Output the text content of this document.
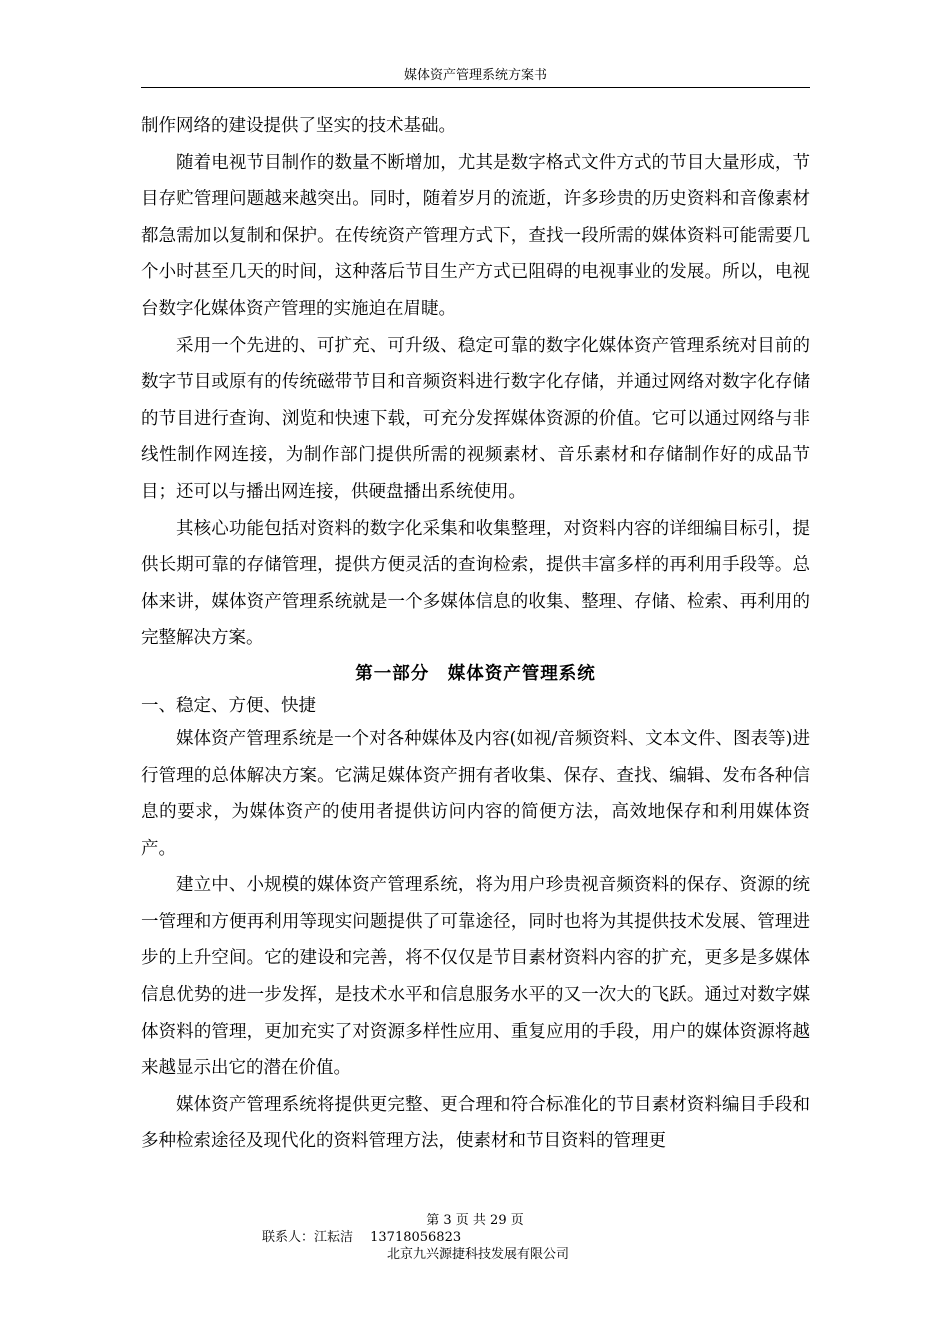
媒体资产管理系统方案书

制作网络的建设提供了坚实的技术基础。

随着电视节目制作的数量不断增加，尤其是数字格式文件方式的节目大量形成，节目存贮管理问题越来越突出。同时，随着岁月的流逝，许多珍贵的历史资料和音像素材都急需加以复制和保护。在传统资产管理方式下，查找一段所需的媒体资料可能需要几个小时甚至几天的时间，这种落后节目生产方式已阻碍的电视事业的发展。所以，电视台数字化媒体资产管理的实施迫在眉睫。

采用一个先进的、可扩充、可升级、稳定可靠的数字化媒体资产管理系统对目前的数字节目或原有的传统磁带节目和音频资料进行数字化存储，并通过网络对数字化存储的节目进行查询、浏览和快速下载，可充分发挥媒体资源的价值。它可以通过网络与非线性制作网连接，为制作部门提供所需的视频素材、音乐素材和存储制作好的成品节目；还可以与播出网连接，供硬盘播出系统使用。

其核心功能包括对资料的数字化采集和收集整理，对资料内容的详细编目标引，提供长期可靠的存储管理，提供方便灵活的查询检索，提供丰富多样的再利用手段等。总体来讲，媒体资产管理系统就是一个多媒体信息的收集、整理、存储、检索、再利用的完整解决方案。

第一部分　媒体资产管理系统

一、稳定、方便、快捷

媒体资产管理系统是一个对各种媒体及内容(如视/音频资料、文本文件、图表等)进行管理的总体解决方案。它满足媒体资产拥有者收集、保存、查找、编辑、发布各种信息的要求，为媒体资产的使用者提供访问内容的简便方法，高效地保存和利用媒体资产。

建立中、小规模的媒体资产管理系统，将为用户珍贵视音频资料的保存、资源的统一管理和方便再利用等现实问题提供了可靠途径，同时也将为其提供技术发展、管理进步的上升空间。它的建设和完善，将不仅仅是节目素材资料内容的扩充，更多是多媒体信息优势的进一步发挥，是技术水平和信息服务水平的又一次大的飞跃。通过对数字媒体资料的管理，更加充实了对资源多样性应用、重复应用的手段，用户的媒体资源将越来越显示出它的潜在价值。

媒体资产管理系统将提供更完整、更合理和符合标准化的节目素材资料编目手段和多种检索途径及现代化的资料管理方法，使素材和节目资料的管理更

第 3 页 共 29 页
联系人：江耘洁　 13718056823
北京九兴源捷科技发展有限公司
